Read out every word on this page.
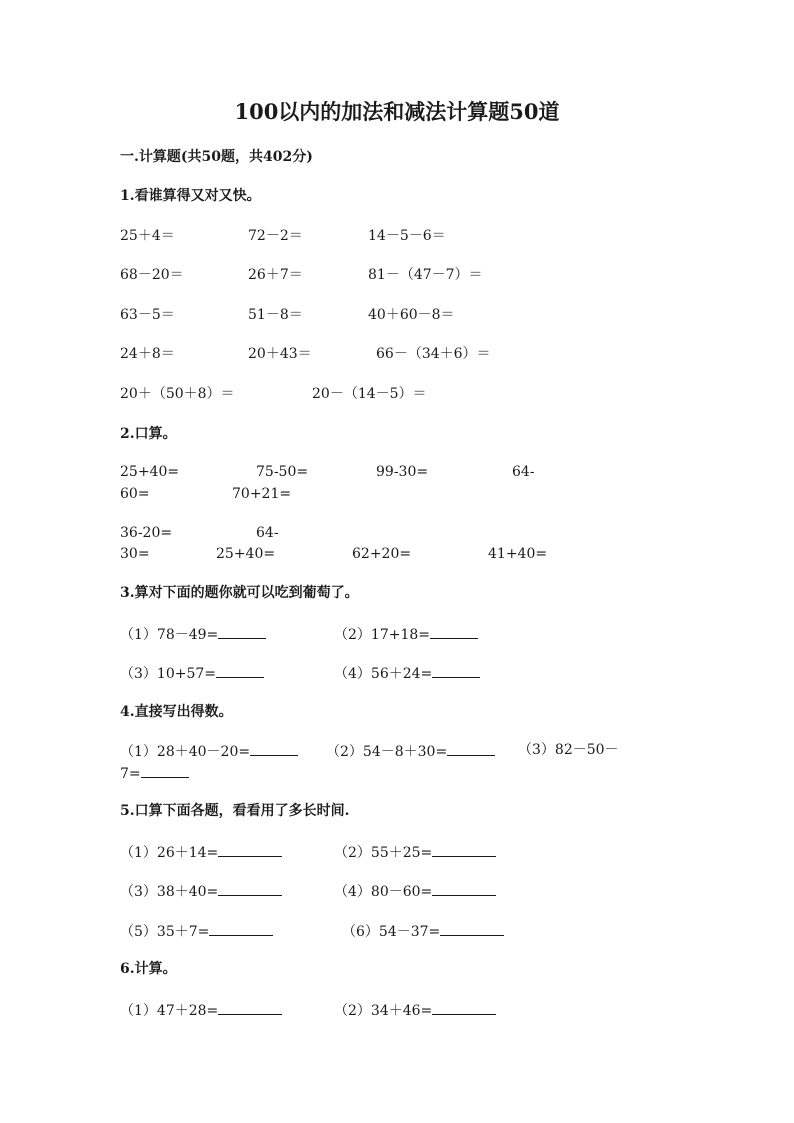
100以内的加法和减法计算题50道
一.计算题(共50题，共402分)
1.看谁算得又对又快。
25＋4＝	72－2＝	14－5－6＝
68－20＝	26＋7＝	81－（47－7）＝
63－5＝	51－8＝	40＋60－8＝
24＋8＝	20＋43＝	66－（34＋6）＝
20＋（50＋8）＝	20－（14－5）＝
2.口算。
25+40=	75-50=	99-30=	64-
60=	70+21=
36-20=	64-
30=	25+40=	62+20=	41+40=
3.算对下面的题你就可以吃到葡萄了。
（1）78－49=	（2）17+18=
（3）10+57=	（4）56＋24=
4.直接写出得数。
（1）28＋40－20=	（2）54－8＋30=	（3）82－50－
7=
5.口算下面各题，看看用了多长时间.
（1）26＋14=	（2）55＋25=
（3）38＋40=	（4）80－60=
（5）35＋7=	（6）54－37=
6.计算。
（1）47＋28=	（2）34＋46=
